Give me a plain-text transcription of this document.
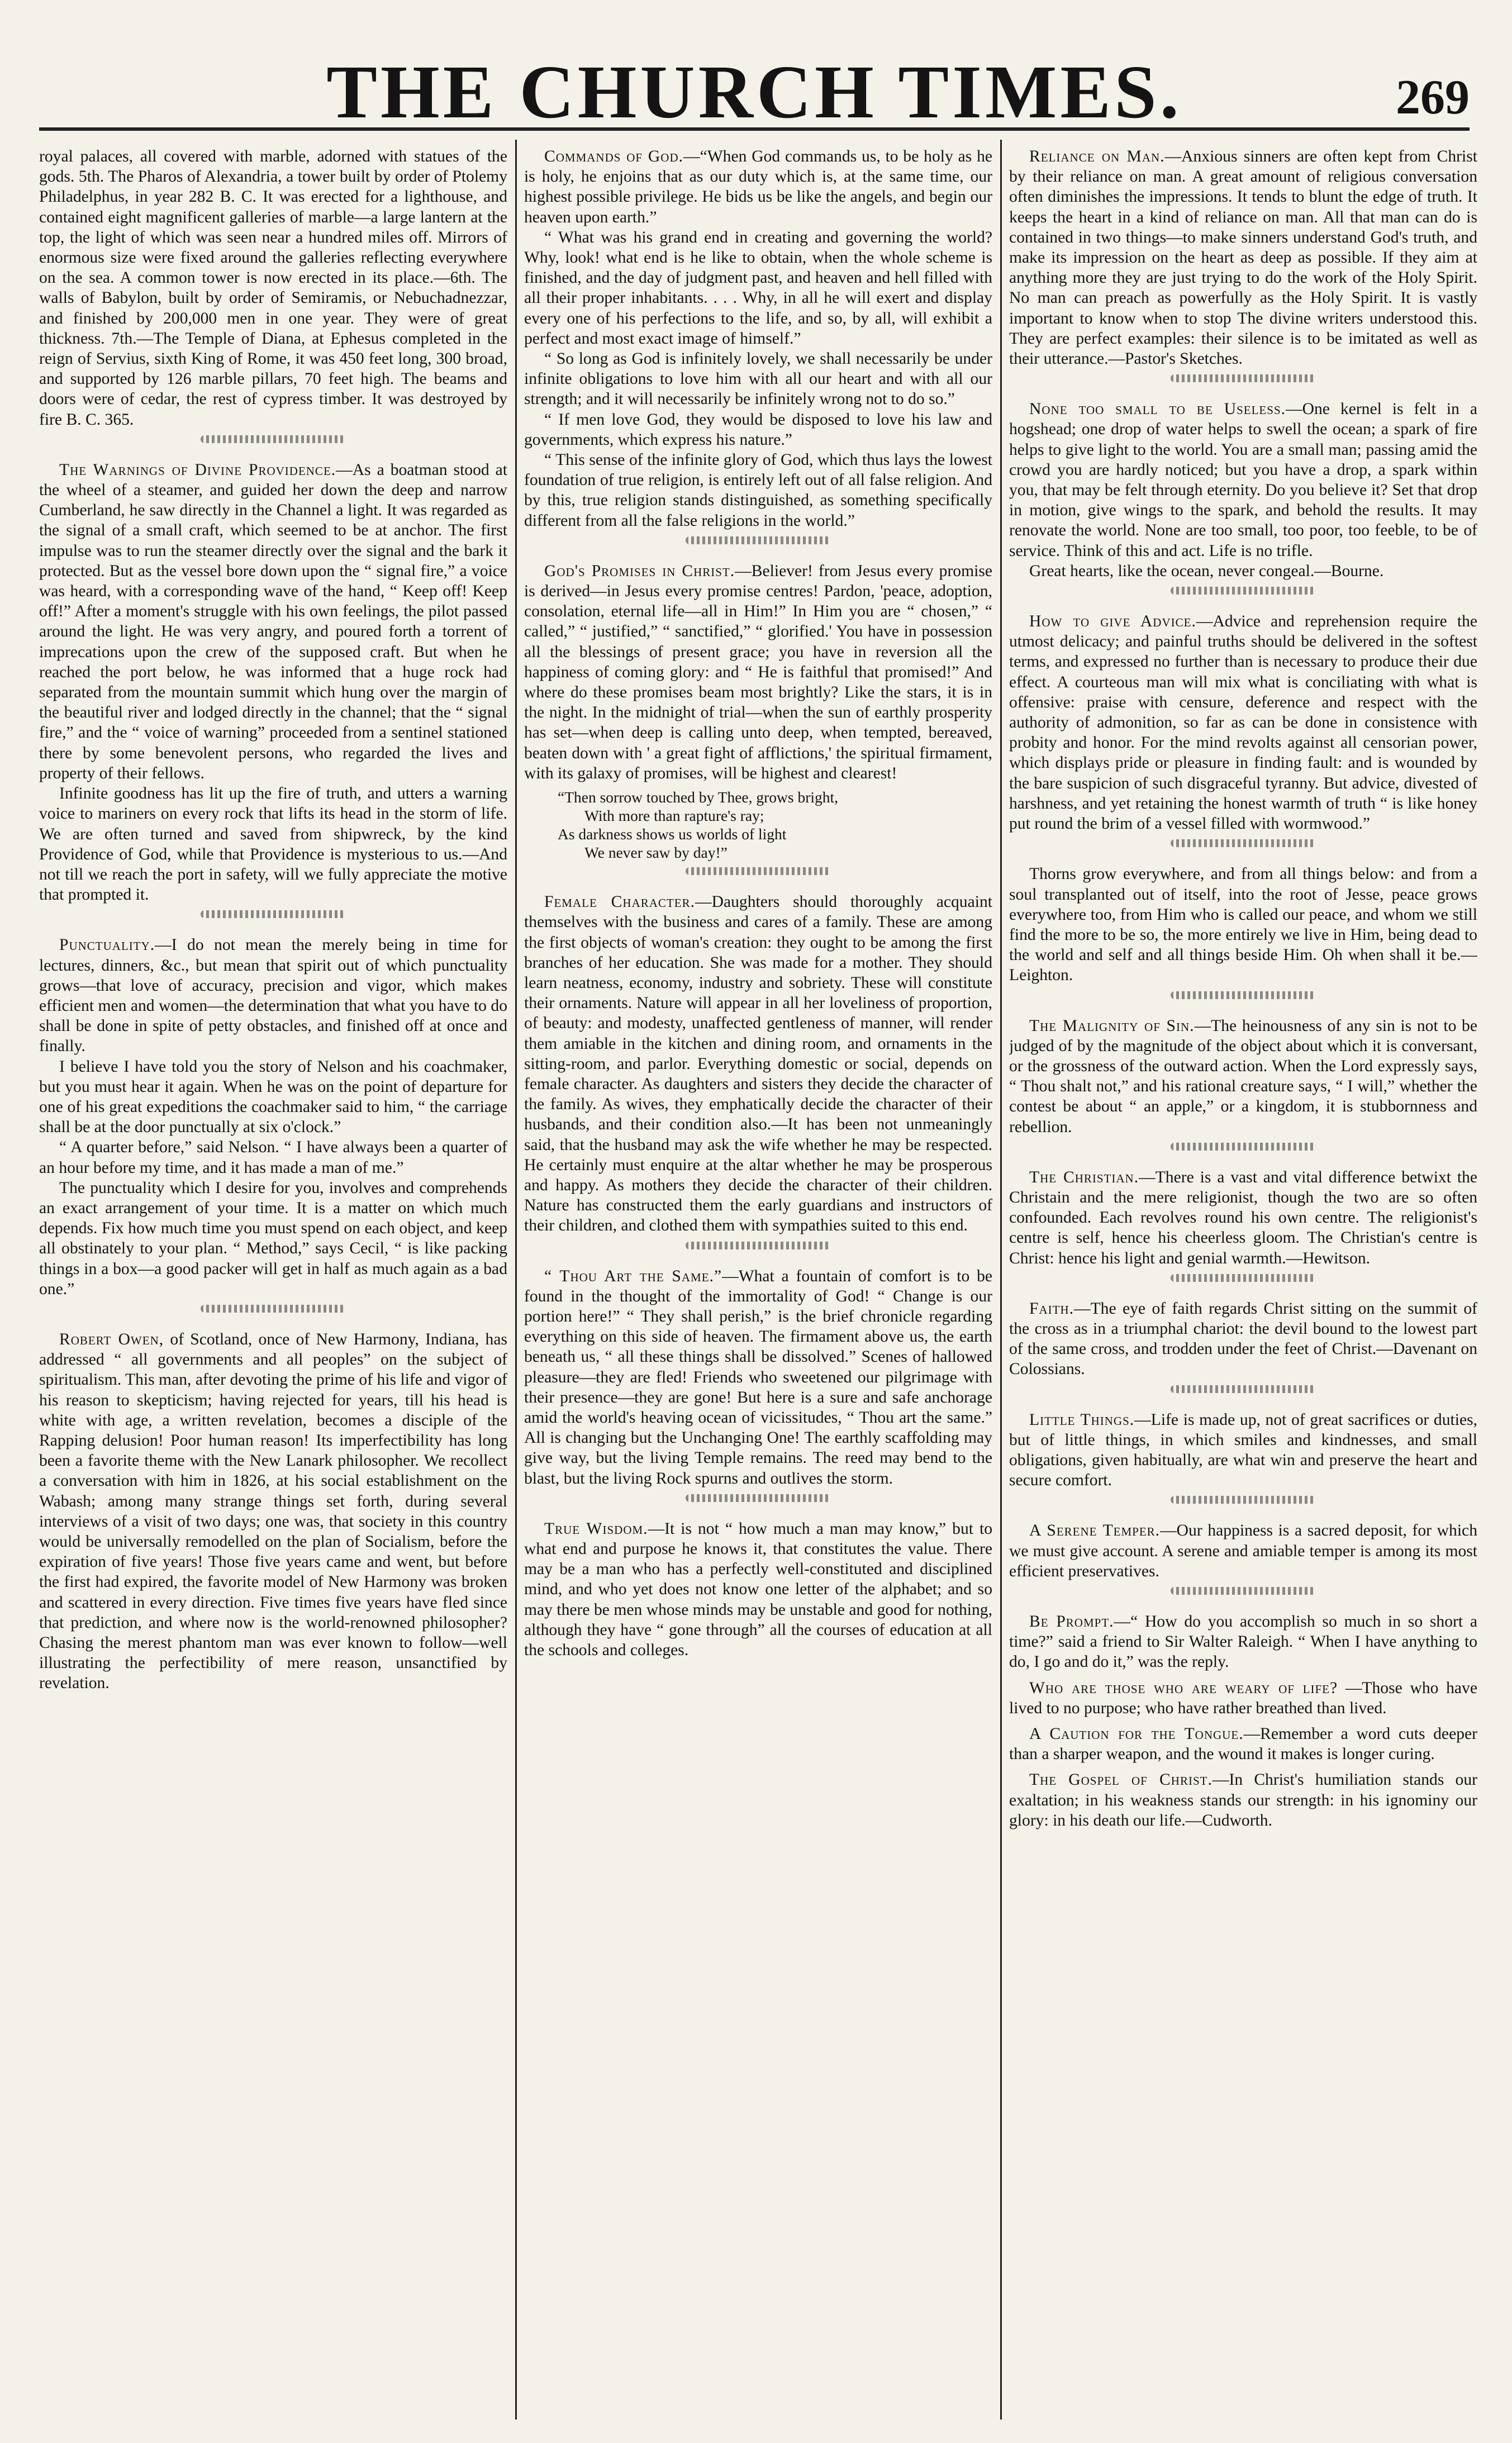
THE CHURCH TIMES.	269

royal palaces, all covered with marble, adorned with statues of the gods. 5th. The Pharos of Alexandria, a tower built by order of Ptolemy Philadelphus, in year 282 B. C. It was erected for a lighthouse, and contained eight magnificent galleries of marble—a large lantern at the top, the light of which was seen near a hundred miles off. Mirrors of enormous size were fixed around the galleries reflecting everywhere on the sea. A common tower is now erected in its place.—6th. The walls of Babylon, built by order of Semiramis, or Nebuchadnezzar, and finished by 200,000 men in one year. They were of great thickness. 7th.—The Temple of Diana, at Ephesus completed in the reign of Servius, sixth King of Rome, it was 450 feet long, 300 broad, and supported by 126 marble pillars, 70 feet high. The beams and doors were of cedar, the rest of cypress timber. It was destroyed by fire B. C. 365.

The Warnings of Divine Providence.—As a boatman stood at the wheel of a steamer, and guided her down the deep and narrow Cumberland, he saw directly in the Channel a light. It was regarded as the signal of a small craft, which seemed to be at anchor. The first impulse was to run the steamer directly over the signal and the bark it protected. But as the vessel bore down upon the “ signal fire,” a voice was heard, with a corresponding wave of the hand, “ Keep off! Keep off!” After a moment's struggle with his own feelings, the pilot passed around the light. He was very angry, and poured forth a torrent of imprecations upon the crew of the supposed craft. But when he reached the port below, he was informed that a huge rock had separated from the mountain summit which hung over the margin of the beautiful river and lodged directly in the channel; that the “ signal fire,” and the “ voice of warning” proceeded from a sentinel stationed there by some benevolent persons, who regarded the lives and property of their fellows.

Infinite goodness has lit up the fire of truth, and utters a warning voice to mariners on every rock that lifts its head in the storm of life. We are often turned and saved from shipwreck, by the kind Providence of God, while that Providence is mysterious to us.—And not till we reach the port in safety, will we fully appreciate the motive that prompted it.

Punctuality.—I do not mean the merely being in time for lectures, dinners, &c., but mean that spirit out of which punctuality grows—that love of accuracy, precision and vigor, which makes efficient men and women—the determination that what you have to do shall be done in spite of petty obstacles, and finished off at once and finally.

I believe I have told you the story of Nelson and his coachmaker, but you must hear it again. When he was on the point of departure for one of his great expeditions the coachmaker said to him, “ the carriage shall be at the door punctually at six o'clock.”

“ A quarter before,” said Nelson. “ I have always been a quarter of an hour before my time, and it has made a man of me.”

The punctuality which I desire for you, involves and comprehends an exact arrangement of your time. It is a matter on which much depends. Fix how much time you must spend on each object, and keep all obstinately to your plan. “ Method,” says Cecil, “ is like packing things in a box—a good packer will get in half as much again as a bad one.”

Robert Owen, of Scotland, once of New Harmony, Indiana, has addressed “ all governments and all peoples” on the subject of spiritualism. This man, after devoting the prime of his life and vigor of his reason to skepticism; having rejected for years, till his head is white with age, a written revelation, becomes a disciple of the Rapping delusion! Poor human reason! Its imperfectibility has long been a favorite theme with the New Lanark philosopher. We recollect a conversation with him in 1826, at his social establishment on the Wabash; among many strange things set forth, during several interviews of a visit of two days; one was, that society in this country would be universally remodelled on the plan of Socialism, before the expiration of five years! Those five years came and went, but before the first had expired, the favorite model of New Harmony was broken and scattered in every direction. Five times five years have fled since that prediction, and where now is the world-renowned philosopher? Chasing the merest phantom man was ever known to follow—well illustrating the perfectibility of mere reason, unsanctified by revelation.

Commands of God.—“When God commands us, to be holy as he is holy, he enjoins that as our duty which is, at the same time, our highest possible privilege. He bids us be like the angels, and begin our heaven upon earth.”

“ What was his grand end in creating and governing the world? Why, look! what end is he like to obtain, when the whole scheme is finished, and the day of judgment past, and heaven and hell filled with all their proper inhabitants. . . . Why, in all he will exert and display every one of his perfections to the life, and so, by all, will exhibit a perfect and most exact image of himself.”

“ So long as God is infinitely lovely, we shall necessarily be under infinite obligations to love him with all our heart and with all our strength; and it will necessarily be infinitely wrong not to do so.”

“ If men love God, they would be disposed to love his law and governments, which express his nature.”

“ This sense of the infinite glory of God, which thus lays the lowest foundation of true religion, is entirely left out of all false religion. And by this, true religion stands distinguished, as something specifically different from all the false religions in the world.”

God's Promises in Christ.—Believer! from Jesus every promise is derived—in Jesus every promise centres! Pardon, 'peace, adoption, consolation, eternal life—all in Him!” In Him you are “ chosen,” “ called,” “ justified,” “ sanctified,” “ glorified.' You have in possession all the blessings of present grace; you have in reversion all the happiness of coming glory: and “ He is faithful that promised!” And where do these promises beam most brightly? Like the stars, it is in the night. In the midnight of trial—when the sun of earthly prosperity has set—when deep is calling unto deep, when tempted, bereaved, beaten down with ' a great fight of afflictions,' the spiritual firmament, with its galaxy of promises, will be highest and clearest!

“Then sorrow touched by Thee, grows bright,
With more than rapture's ray;
As darkness shows us worlds of light
We never saw by day!”

Female Character.—Daughters should thoroughly acquaint themselves with the business and cares of a family. These are among the first objects of woman's creation: they ought to be among the first branches of her education. She was made for a mother. They should learn neatness, economy, industry and sobriety. These will constitute their ornaments. Nature will appear in all her loveliness of proportion, of beauty: and modesty, unaffected gentleness of manner, will render them amiable in the kitchen and dining room, and ornaments in the sitting-room, and parlor. Everything domestic or social, depends on female character. As daughters and sisters they decide the character of the family. As wives, they emphatically decide the character of their husbands, and their condition also.—It has been not unmeaningly said, that the husband may ask the wife whether he may be respected. He certainly must enquire at the altar whether he may be prosperous and happy. As mothers they decide the character of their children. Nature has constructed them the early guardians and instructors of their children, and clothed them with sympathies suited to this end.

“ Thou Art the Same.”—What a fountain of comfort is to be found in the thought of the immortality of God! “ Change is our portion here!” “ They shall perish,” is the brief chronicle regarding everything on this side of heaven. The firmament above us, the earth beneath us, “ all these things shall be dissolved.” Scenes of hallowed pleasure—they are fled! Friends who sweetened our pilgrimage with their presence—they are gone! But here is a sure and safe anchorage amid the world's heaving ocean of vicissitudes, “ Thou art the same.” All is changing but the Unchanging One! The earthly scaffolding may give way, but the living Temple remains. The reed may bend to the blast, but the living Rock spurns and outlives the storm.

True Wisdom.—It is not “ how much a man may know,” but to what end and purpose he knows it, that constitutes the value. There may be a man who has a perfectly well-constituted and disciplined mind, and who yet does not know one letter of the alphabet; and so may there be men whose minds may be unstable and good for nothing, although they have “ gone through” all the courses of education at all the schools and colleges.

Reliance on Man.—Anxious sinners are often kept from Christ by their reliance on man. A great amount of religious conversation often diminishes the impressions. It tends to blunt the edge of truth. It keeps the heart in a kind of reliance on man. All that man can do is contained in two things—to make sinners understand God's truth, and make its impression on the heart as deep as possible. If they aim at anything more they are just trying to do the work of the Holy Spirit. No man can preach as powerfully as the Holy Spirit. It is vastly important to know when to stop The divine writers understood this. They are perfect examples: their silence is to be imitated as well as their utterance.—Pastor's Sketches.

None too small to be Useless.—One kernel is felt in a hogshead; one drop of water helps to swell the ocean; a spark of fire helps to give light to the world. You are a small man; passing amid the crowd you are hardly noticed; but you have a drop, a spark within you, that may be felt through eternity. Do you believe it? Set that drop in motion, give wings to the spark, and behold the results. It may renovate the world. None are too small, too poor, too feeble, to be of service. Think of this and act. Life is no trifle.

Great hearts, like the ocean, never congeal.—Bourne.

How to give Advice.—Advice and reprehension require the utmost delicacy; and painful truths should be delivered in the softest terms, and expressed no further than is necessary to produce their due effect. A courteous man will mix what is conciliating with what is offensive: praise with censure, deference and respect with the authority of admonition, so far as can be done in consistence with probity and honor. For the mind revolts against all censorian power, which displays pride or pleasure in finding fault: and is wounded by the bare suspicion of such disgraceful tyranny. But advice, divested of harshness, and yet retaining the honest warmth of truth “ is like honey put round the brim of a vessel filled with wormwood.”

Thorns grow everywhere, and from all things below: and from a soul transplanted out of itself, into the root of Jesse, peace grows everywhere too, from Him who is called our peace, and whom we still find the more to be so, the more entirely we live in Him, being dead to the world and self and all things beside Him. Oh when shall it be.—Leighton.

The Malignity of Sin.—The heinousness of any sin is not to be judged of by the magnitude of the object about which it is conversant, or the grossness of the outward action. When the Lord expressly says, “ Thou shalt not,” and his rational creature says, “ I will,” whether the contest be about “ an apple,” or a kingdom, it is stubbornness and rebellion.

The Christian.—There is a vast and vital difference betwixt the Christain and the mere religionist, though the two are so often confounded. Each revolves round his own centre. The religionist's centre is self, hence his cheerless gloom. The Christian's centre is Christ: hence his light and genial warmth.—Hewitson.

Faith.—The eye of faith regards Christ sitting on the summit of the cross as in a triumphal chariot: the devil bound to the lowest part of the same cross, and trodden under the feet of Christ.—Davenant on Colossians.

Little Things.—Life is made up, not of great sacrifices or duties, but of little things, in which smiles and kindnesses, and small obligations, given habitually, are what win and preserve the heart and secure comfort.

A Serene Temper.—Our happiness is a sacred deposit, for which we must give account. A serene and amiable temper is among its most efficient preservatives.

Be Prompt.—“ How do you accomplish so much in so short a time?” said a friend to Sir Walter Raleigh. “ When I have anything to do, I go and do it,” was the reply.

Who are those who are weary of life? —Those who have lived to no purpose; who have rather breathed than lived.

A Caution for the Tongue.—Remember a word cuts deeper than a sharper weapon, and the wound it makes is longer curing.

The Gospel of Christ.—In Christ's humiliation stands our exaltation; in his weakness stands our strength: in his ignominy our glory: in his death our life.—Cudworth.
